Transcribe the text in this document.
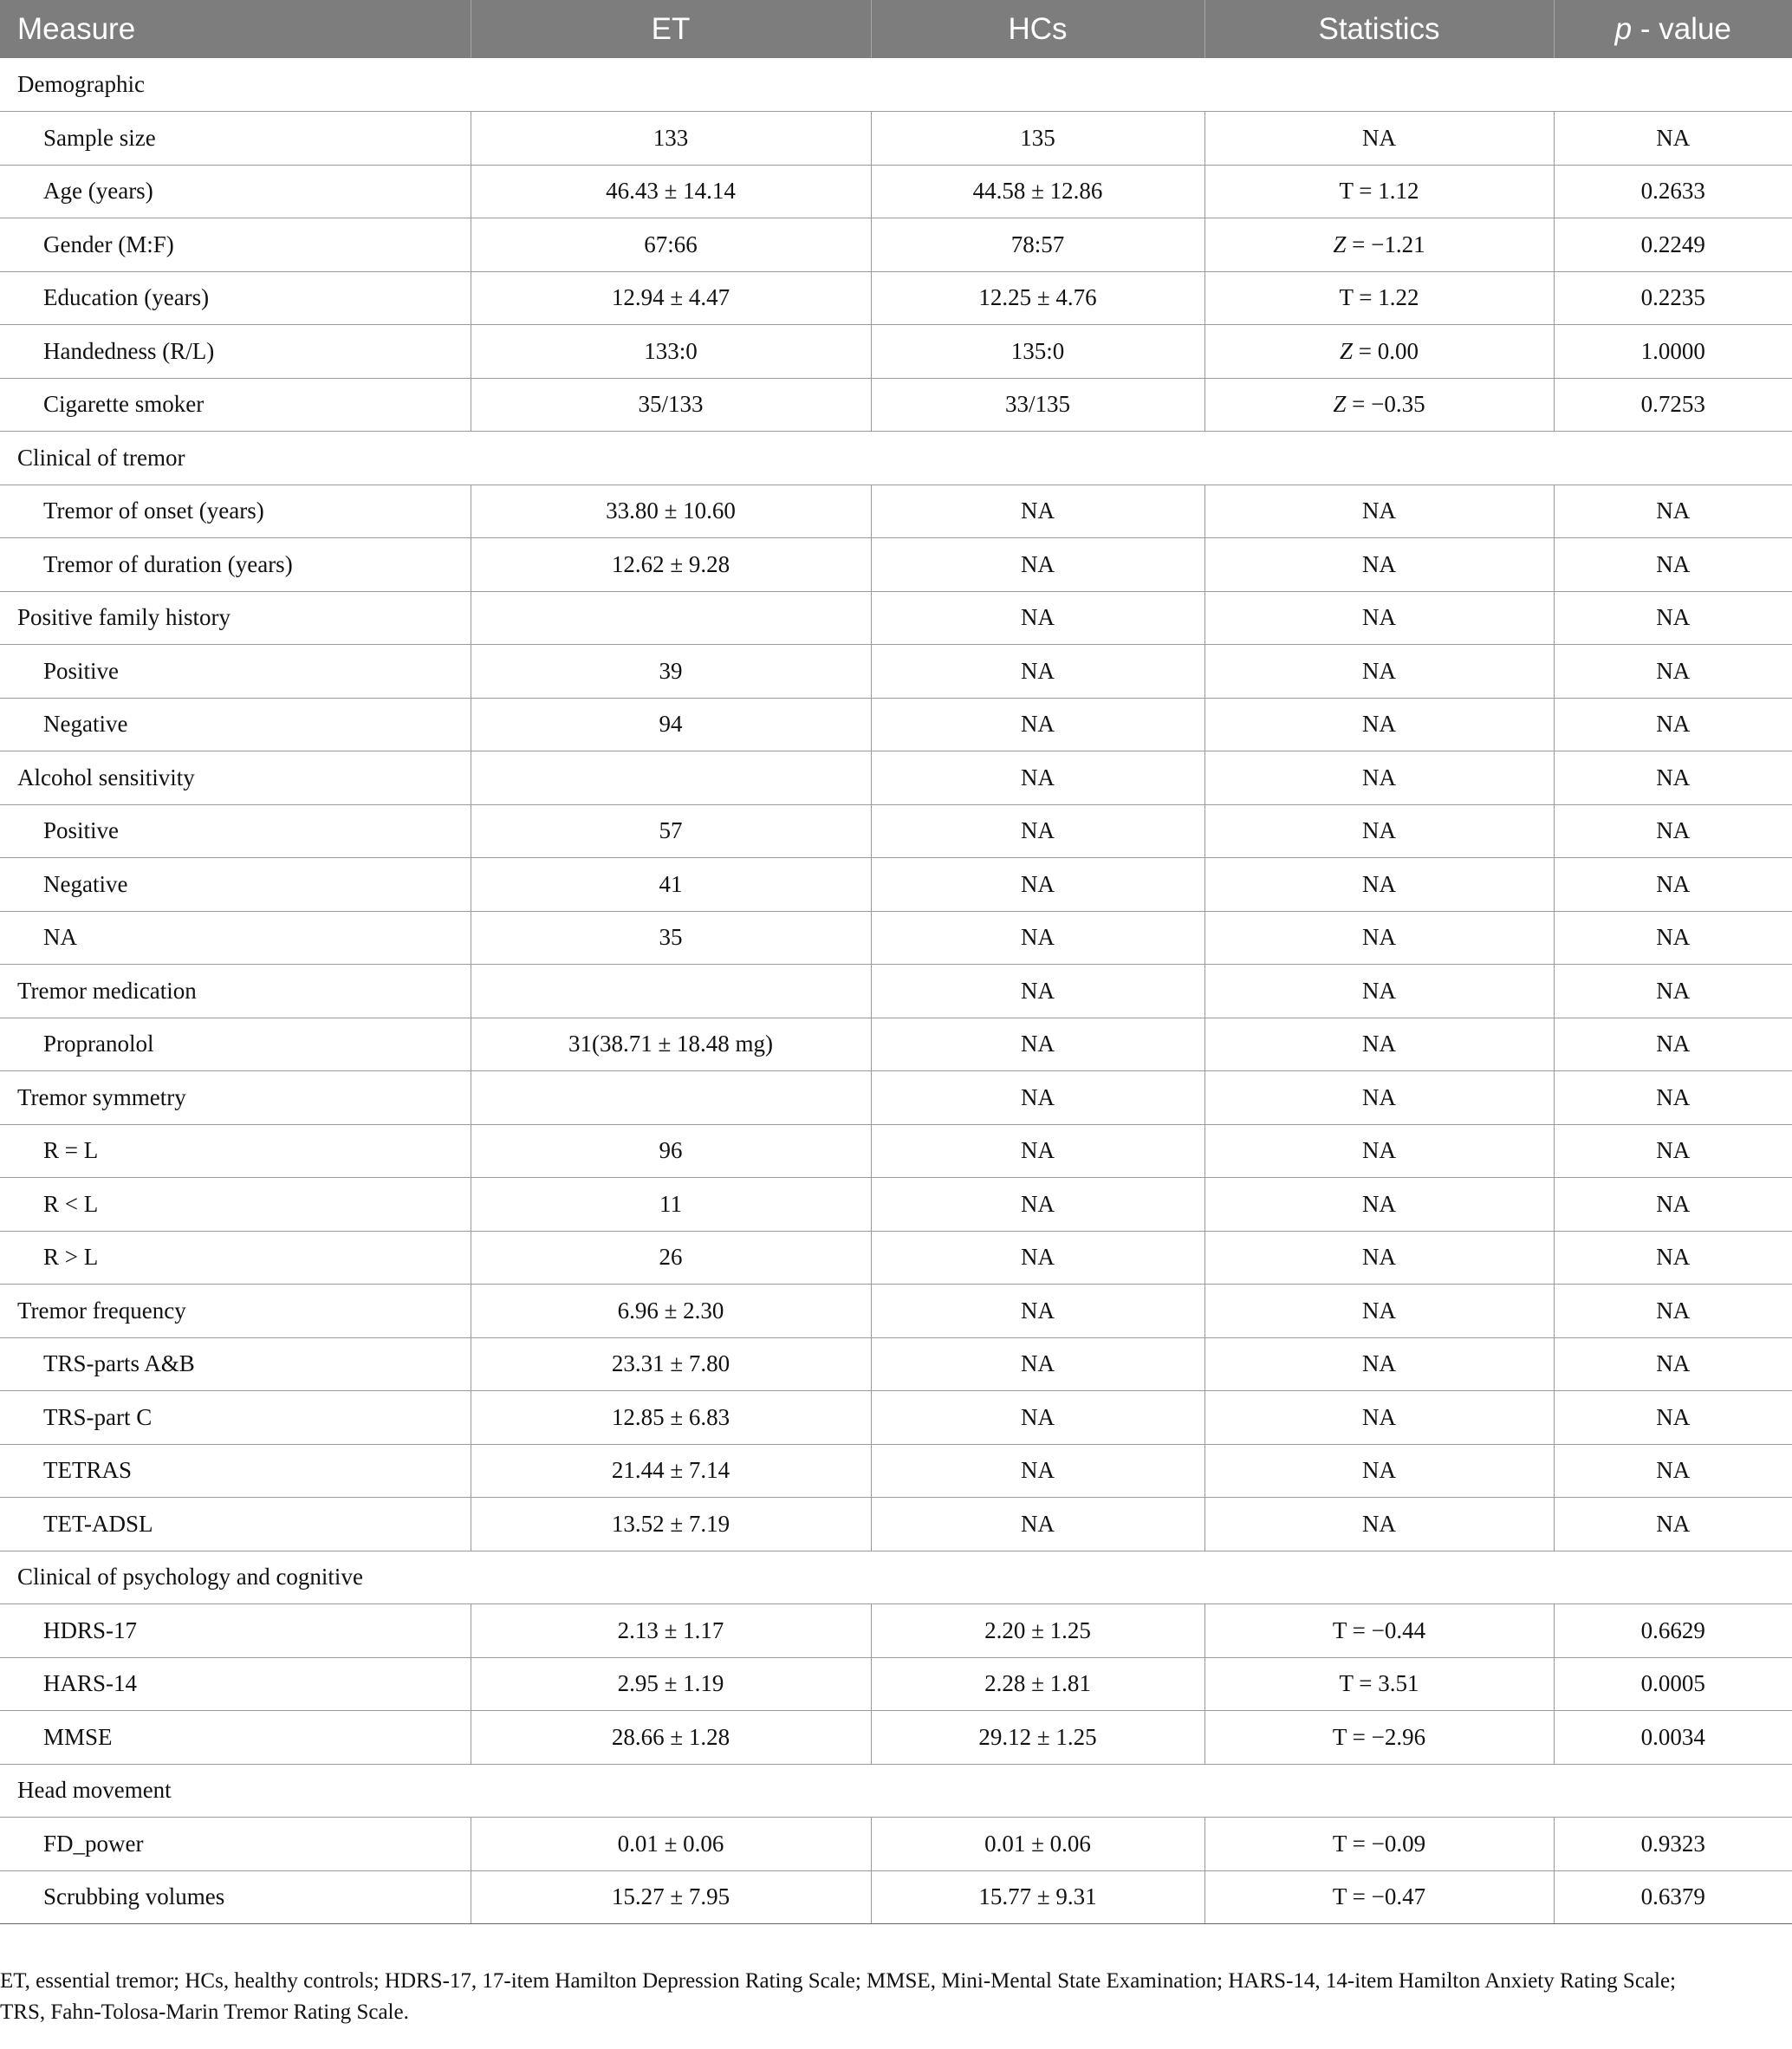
Measure	ET	HCs	Statistics	p - value
Demographic				
Sample size	133	135	NA	NA
Age (years)	46.43 ± 14.14	44.58 ± 12.86	T = 1.12	0.2633
Gender (M:F)	67:66	78:57	Z = −1.21	0.2249
Education (years)	12.94 ± 4.47	12.25 ± 4.76	T = 1.22	0.2235
Handedness (R/L)	133:0	135:0	Z = 0.00	1.0000
Cigarette smoker	35/133	33/135	Z = −0.35	0.7253
Clinical of tremor				
Tremor of onset (years)	33.80 ± 10.60	NA	NA	NA
Tremor of duration (years)	12.62 ± 9.28	NA	NA	NA
Positive family history		NA	NA	NA
Positive	39	NA	NA	NA
Negative	94	NA	NA	NA
Alcohol sensitivity		NA	NA	NA
Positive	57	NA	NA	NA
Negative	41	NA	NA	NA
NA	35	NA	NA	NA
Tremor medication		NA	NA	NA
Propranolol	31(38.71 ± 18.48 mg)	NA	NA	NA
Tremor symmetry		NA	NA	NA
R = L	96	NA	NA	NA
R < L	11	NA	NA	NA
R > L	26	NA	NA	NA
Tremor frequency	6.96 ± 2.30	NA	NA	NA
TRS-parts A&B	23.31 ± 7.80	NA	NA	NA
TRS-part C	12.85 ± 6.83	NA	NA	NA
TETRAS	21.44 ± 7.14	NA	NA	NA
TET-ADSL	13.52 ± 7.19	NA	NA	NA
Clinical of psychology and cognitive				
HDRS-17	2.13 ± 1.17	2.20 ± 1.25	T = −0.44	0.6629
HARS-14	2.95 ± 1.19	2.28 ± 1.81	T = 3.51	0.0005
MMSE	28.66 ± 1.28	29.12 ± 1.25	T = −2.96	0.0034
Head movement				
FD_power	0.01 ± 0.06	0.01 ± 0.06	T = −0.09	0.9323
Scrubbing volumes	15.27 ± 7.95	15.77 ± 9.31	T = −0.47	0.6379

ET, essential tremor; HCs, healthy controls; HDRS-17, 17-item Hamilton Depression Rating Scale; MMSE, Mini-Mental State Examination; HARS-14, 14-item Hamilton Anxiety Rating Scale;

TRS, Fahn-Tolosa-Marin Tremor Rating Scale.
